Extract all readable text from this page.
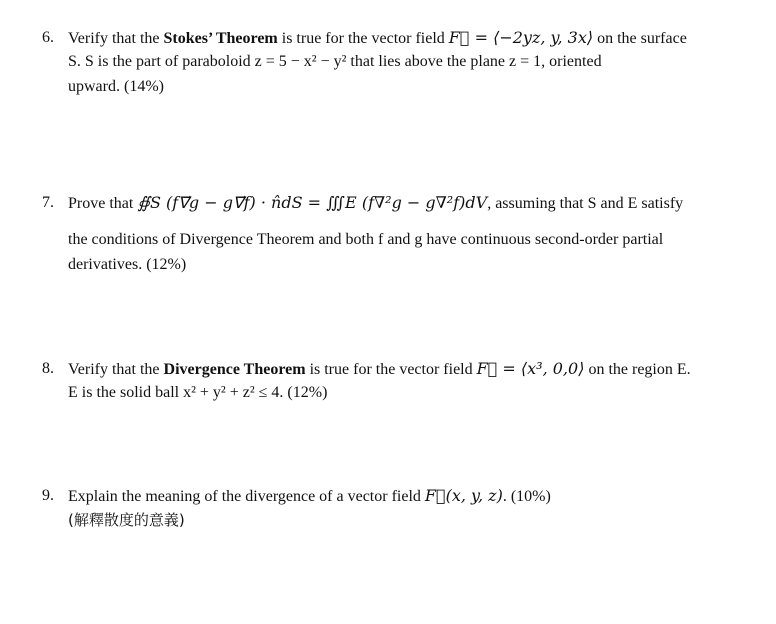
6. Verify that the Stokes’ Theorem is true for the vector field F⃗ = ⟨−2yz, y, 3x⟩ on the surface
S. S is the part of paraboloid z = 5 − x² − y² that lies above the plane z = 1, oriented
upward. (14%)
7. Prove that ∯S (f∇⃗g − g∇⃗f) · n̂dS = ∭E (f∇²g − g∇²f)dV, assuming that S and E satisfy
the conditions of Divergence Theorem and both f and g have continuous second-order partial
derivatives. (12%)
8. Verify that the Divergence Theorem is true for the vector field F⃗ = ⟨x³, 0,0⟩ on the region E.
E is the solid ball x² + y² + z² ≤ 4. (12%)
9. Explain the meaning of the divergence of a vector field F⃗(x, y, z). (10%)
(解釋散度的意義)
